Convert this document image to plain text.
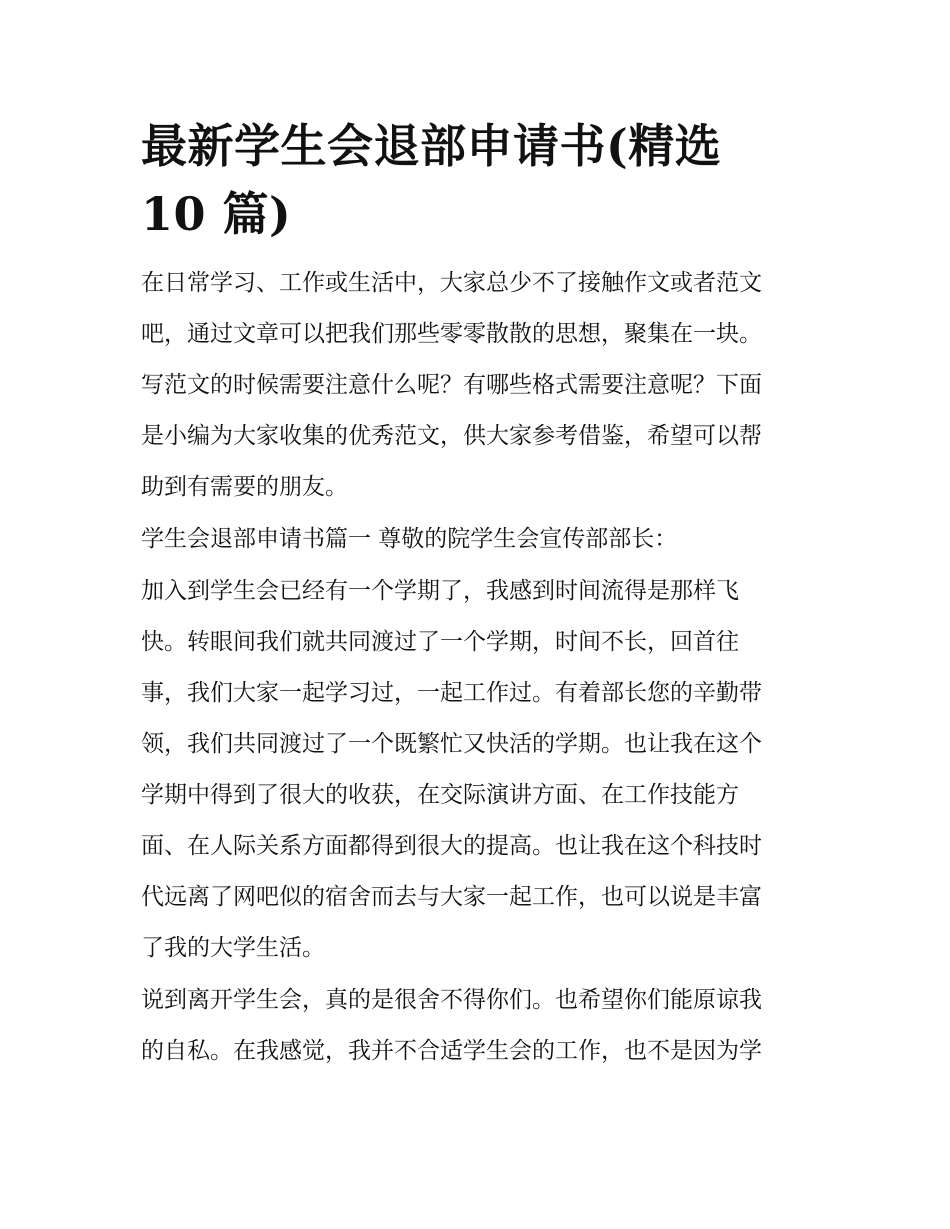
最新学生会退部申请书(精选
10 篇)
在日常学习、工作或生活中，大家总少不了接触作文或者范文
吧，通过文章可以把我们那些零零散散的思想，聚集在一块。
写范文的时候需要注意什么呢？有哪些格式需要注意呢？下面
是小编为大家收集的优秀范文，供大家参考借鉴，希望可以帮
助到有需要的朋友。
学生会退部申请书篇一 尊敬的院学生会宣传部部长：
加入到学生会已经有一个学期了，我感到时间流得是那样飞
快。转眼间我们就共同渡过了一个学期，时间不长，回首往
事，我们大家一起学习过，一起工作过。有着部长您的辛勤带
领，我们共同渡过了一个既繁忙又快活的学期。也让我在这个
学期中得到了很大的收获，在交际演讲方面、在工作技能方
面、在人际关系方面都得到很大的提高。也让我在这个科技时
代远离了网吧似的宿舍而去与大家一起工作，也可以说是丰富
了我的大学生活。
说到离开学生会，真的是很舍不得你们。也希望你们能原谅我
的自私。在我感觉，我并不合适学生会的工作，也不是因为学
